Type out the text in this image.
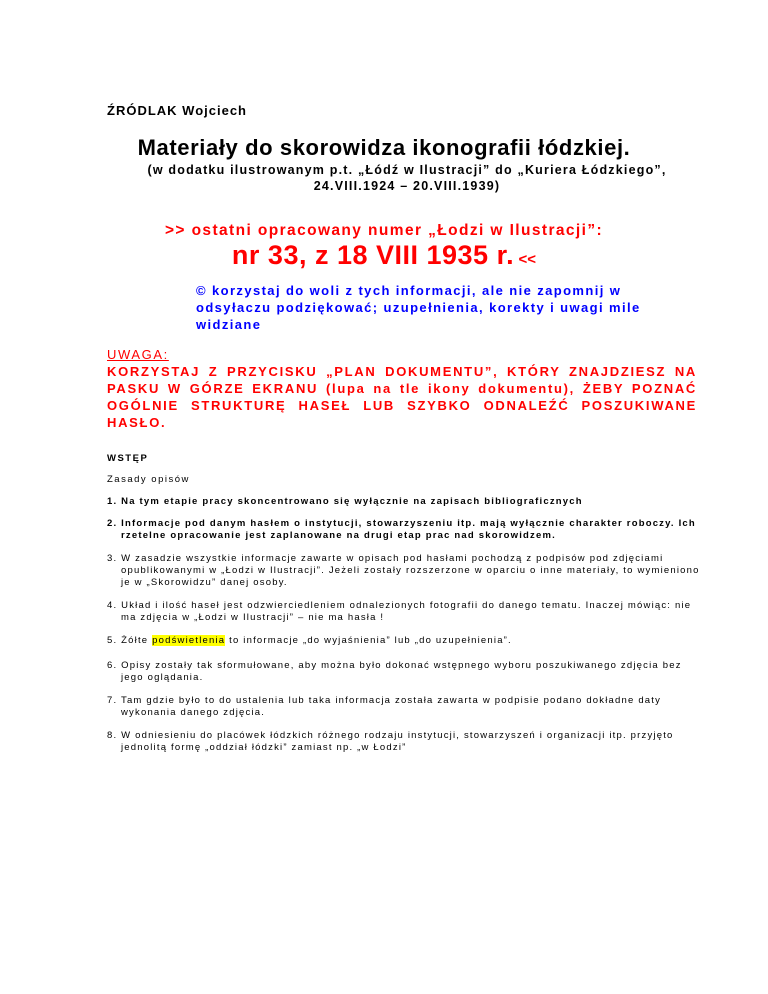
ŹRÓDLAK Wojciech
Materiały do skorowidza ikonografii łódzkiej.
(w dodatku ilustrowanym p.t. „Łódź w Ilustracji” do „Kuriera Łódzkiego”,
24.VIII.1924 – 20.VIII.1939)
>> ostatni opracowany numer „Łodzi w Ilustracji”:
nr 33, z 18 VIII 1935 r. <<
© korzystaj do woli z tych informacji, ale nie zapomnij w odsyłaczu podziękować; uzupełnienia, korekty i uwagi mile widziane
UWAGA:
KORZYSTAJ Z PRZYCISKU „PLAN DOKUMENTU”, KTÓRY ZNAJDZIESZ NA PASKU W GÓRZE EKRANU (lupa na tle ikony dokumentu), ŻEBY POZNAĆ OGÓLNIE STRUKTURĘ HASEŁ LUB SZYBKO ODNALEŹĆ POSZUKIWANE HASŁO.
WSTĘP
Zasady opisów
1. Na tym etapie pracy skoncentrowano się wyłącznie na zapisach bibliograficznych
2. Informacje pod danym hasłem o instytucji, stowarzyszeniu itp. mają wyłącznie charakter roboczy. Ich rzetelne opracowanie jest zaplanowane na drugi etap prac nad skorowidzem.
3. W zasadzie wszystkie informacje zawarte w opisach pod hasłami pochodzą z podpisów pod zdjęciami opublikowanymi w „Łodzi w Ilustracji”. Jeżeli zostały rozszerzone w oparciu o inne materiały, to wymieniono je w „Skorowidzu” danej osoby.
4. Układ i ilość haseł jest odzwierciedleniem odnalezionych fotografii do danego tematu. Inaczej mówiąc: nie ma zdjęcia w „Łodzi w Ilustracji” – nie ma hasła !
5. Żółte podświetlenia to informacje „do wyjaśnienia” lub „do uzupełnienia”.
6. Opisy zostały tak sformułowane, aby można było dokonać wstępnego wyboru poszukiwanego zdjęcia bez jego oglądania.
7. Tam gdzie było to do ustalenia lub taka informacja została zawarta w podpisie podano dokładne daty wykonania danego zdjęcia.
8. W odniesieniu do placówek łódzkich różnego rodzaju instytucji, stowarzyszeń i organizacji itp. przyjęto jednolitą formę „oddział łódzki” zamiast np. „w Łodzi”
